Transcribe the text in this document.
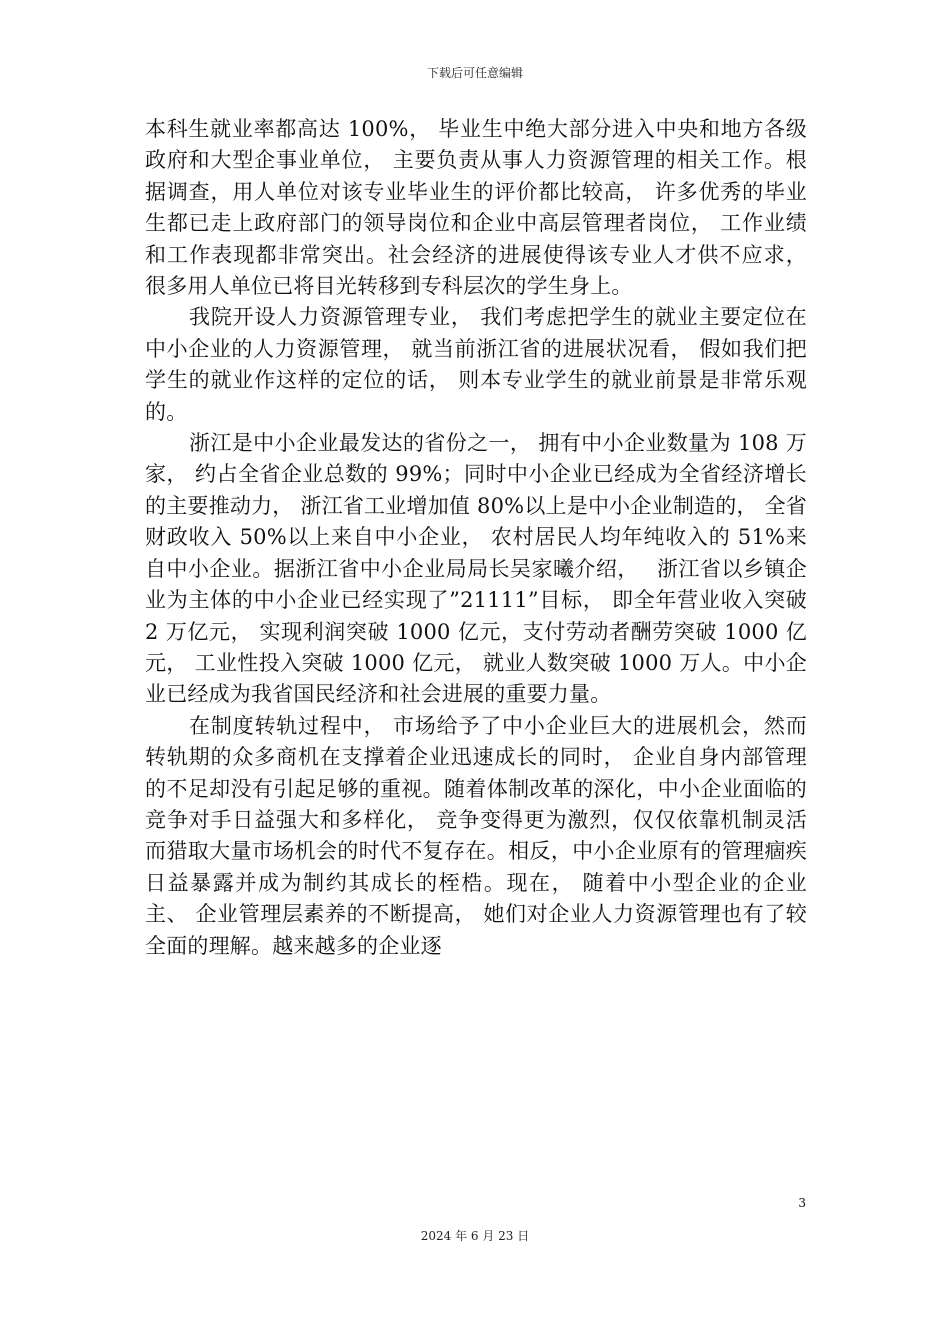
下载后可任意编辑

本科生就业率都高达 100%， 毕业生中绝大部分进入中央和地方各级政府和大型企事业单位， 主要负责从事人力资源管理的相关工作。根据调查，用人单位对该专业毕业生的评价都比较高， 许多优秀的毕业生都已走上政府部门的领导岗位和企业中高层管理者岗位， 工作业绩和工作表现都非常突出。社会经济的进展使得该专业人才供不应求， 很多用人单位已将目光转移到专科层次的学生身上。

我院开设人力资源管理专业， 我们考虑把学生的就业主要定位在中小企业的人力资源管理， 就当前浙江省的进展状况看， 假如我们把学生的就业作这样的定位的话， 则本专业学生的就业前景是非常乐观的。

浙江是中小企业最发达的省份之一， 拥有中小企业数量为 108 万家， 约占全省企业总数的 99%；同时中小企业已经成为全省经济增长的主要推动力， 浙江省工业增加值 80%以上是中小企业制造的， 全省财政收入 50%以上来自中小企业， 农村居民人均年纯收入的 51%来自中小企业。据浙江省中小企业局局长吴家曦介绍，　 浙江省以乡镇企业为主体的中小企业已经实现了”21111”目标， 即全年营业收入突破 2 万亿元， 实现利润突破 1000 亿元，支付劳动者酬劳突破 1000 亿元， 工业性投入突破 1000 亿元， 就业人数突破 1000 万人。中小企业已经成为我省国民经济和社会进展的重要力量。

在制度转轨过程中， 市场给予了中小企业巨大的进展机会，然而转轨期的众多商机在支撑着企业迅速成长的同时， 企业自身内部管理的不足却没有引起足够的重视。随着体制改革的深化，中小企业面临的竞争对手日益强大和多样化， 竞争变得更为激烈，仅仅依靠机制灵活而猎取大量市场机会的时代不复存在。相反，中小企业原有的管理痼疾日益暴露并成为制约其成长的桎梏。现在， 随着中小型企业的企业主、 企业管理层素养的不断提高， 她们对企业人力资源管理也有了较全面的理解。越来越多的企业逐

3
2024 年 6 月 23 日
